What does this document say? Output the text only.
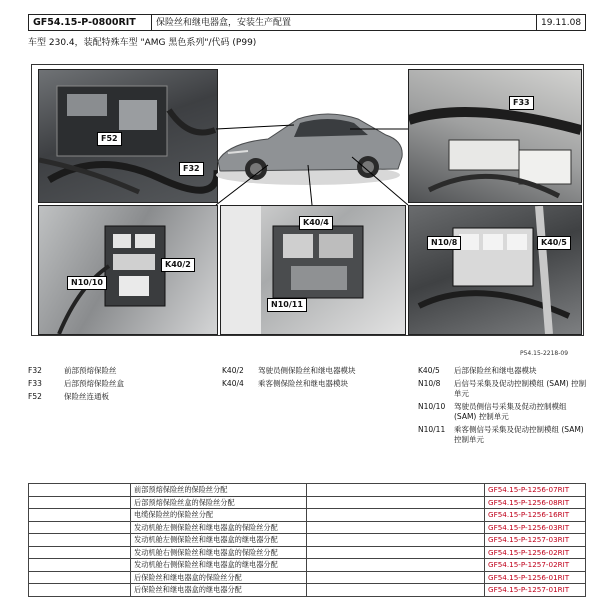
GF54.15-P-0800RIT	保险丝和继电器盒，安装生产配置	19.11.08
车型 230.4，装配特殊车型 "AMG 黑色系列"/代码 (P99)
F52
F32
F33
K40/2
N10/10
K40/4
N10/11
N10/8	K40/5
P54.15-2218-09
F32	前部预熔保险丝
F33	后部预熔保险丝盒
F52	保险丝连通板
K40/2	驾驶员侧保险丝和继电器模块
K40/4	乘客侧保险丝和继电器模块
K40/5	后部保险丝和继电器模块
N10/8	后信号采集及促动控制模组 (SAM) 控制单元
N10/10	驾驶员侧信号采集及促动控制模组 (SAM) 控制单元
N10/11	乘客侧信号采集及促动控制模组 (SAM) 控制单元
	前部预熔保险丝的保险丝分配		GF54.15-P-1256-07RIT
	后部预熔保险丝盒的保险丝分配		GF54.15-P-1256-08RIT
	电缆保险丝的保险丝分配		GF54.15-P-1256-16RIT
	发动机舱左侧保险丝和继电器盒的保险丝分配		GF54.15-P-1256-03RIT
	发动机舱左侧保险丝和继电器盒的继电器分配		GF54.15-P-1257-03RIT
	发动机舱右侧保险丝和继电器盒的保险丝分配		GF54.15-P-1256-02RIT
	发动机舱右侧保险丝和继电器盒的继电器分配		GF54.15-P-1257-02RIT
	后保险丝和继电器盒的保险丝分配		GF54.15-P-1256-01RIT
	后保险丝和继电器盒的继电器分配		GF54.15-P-1257-01RIT
